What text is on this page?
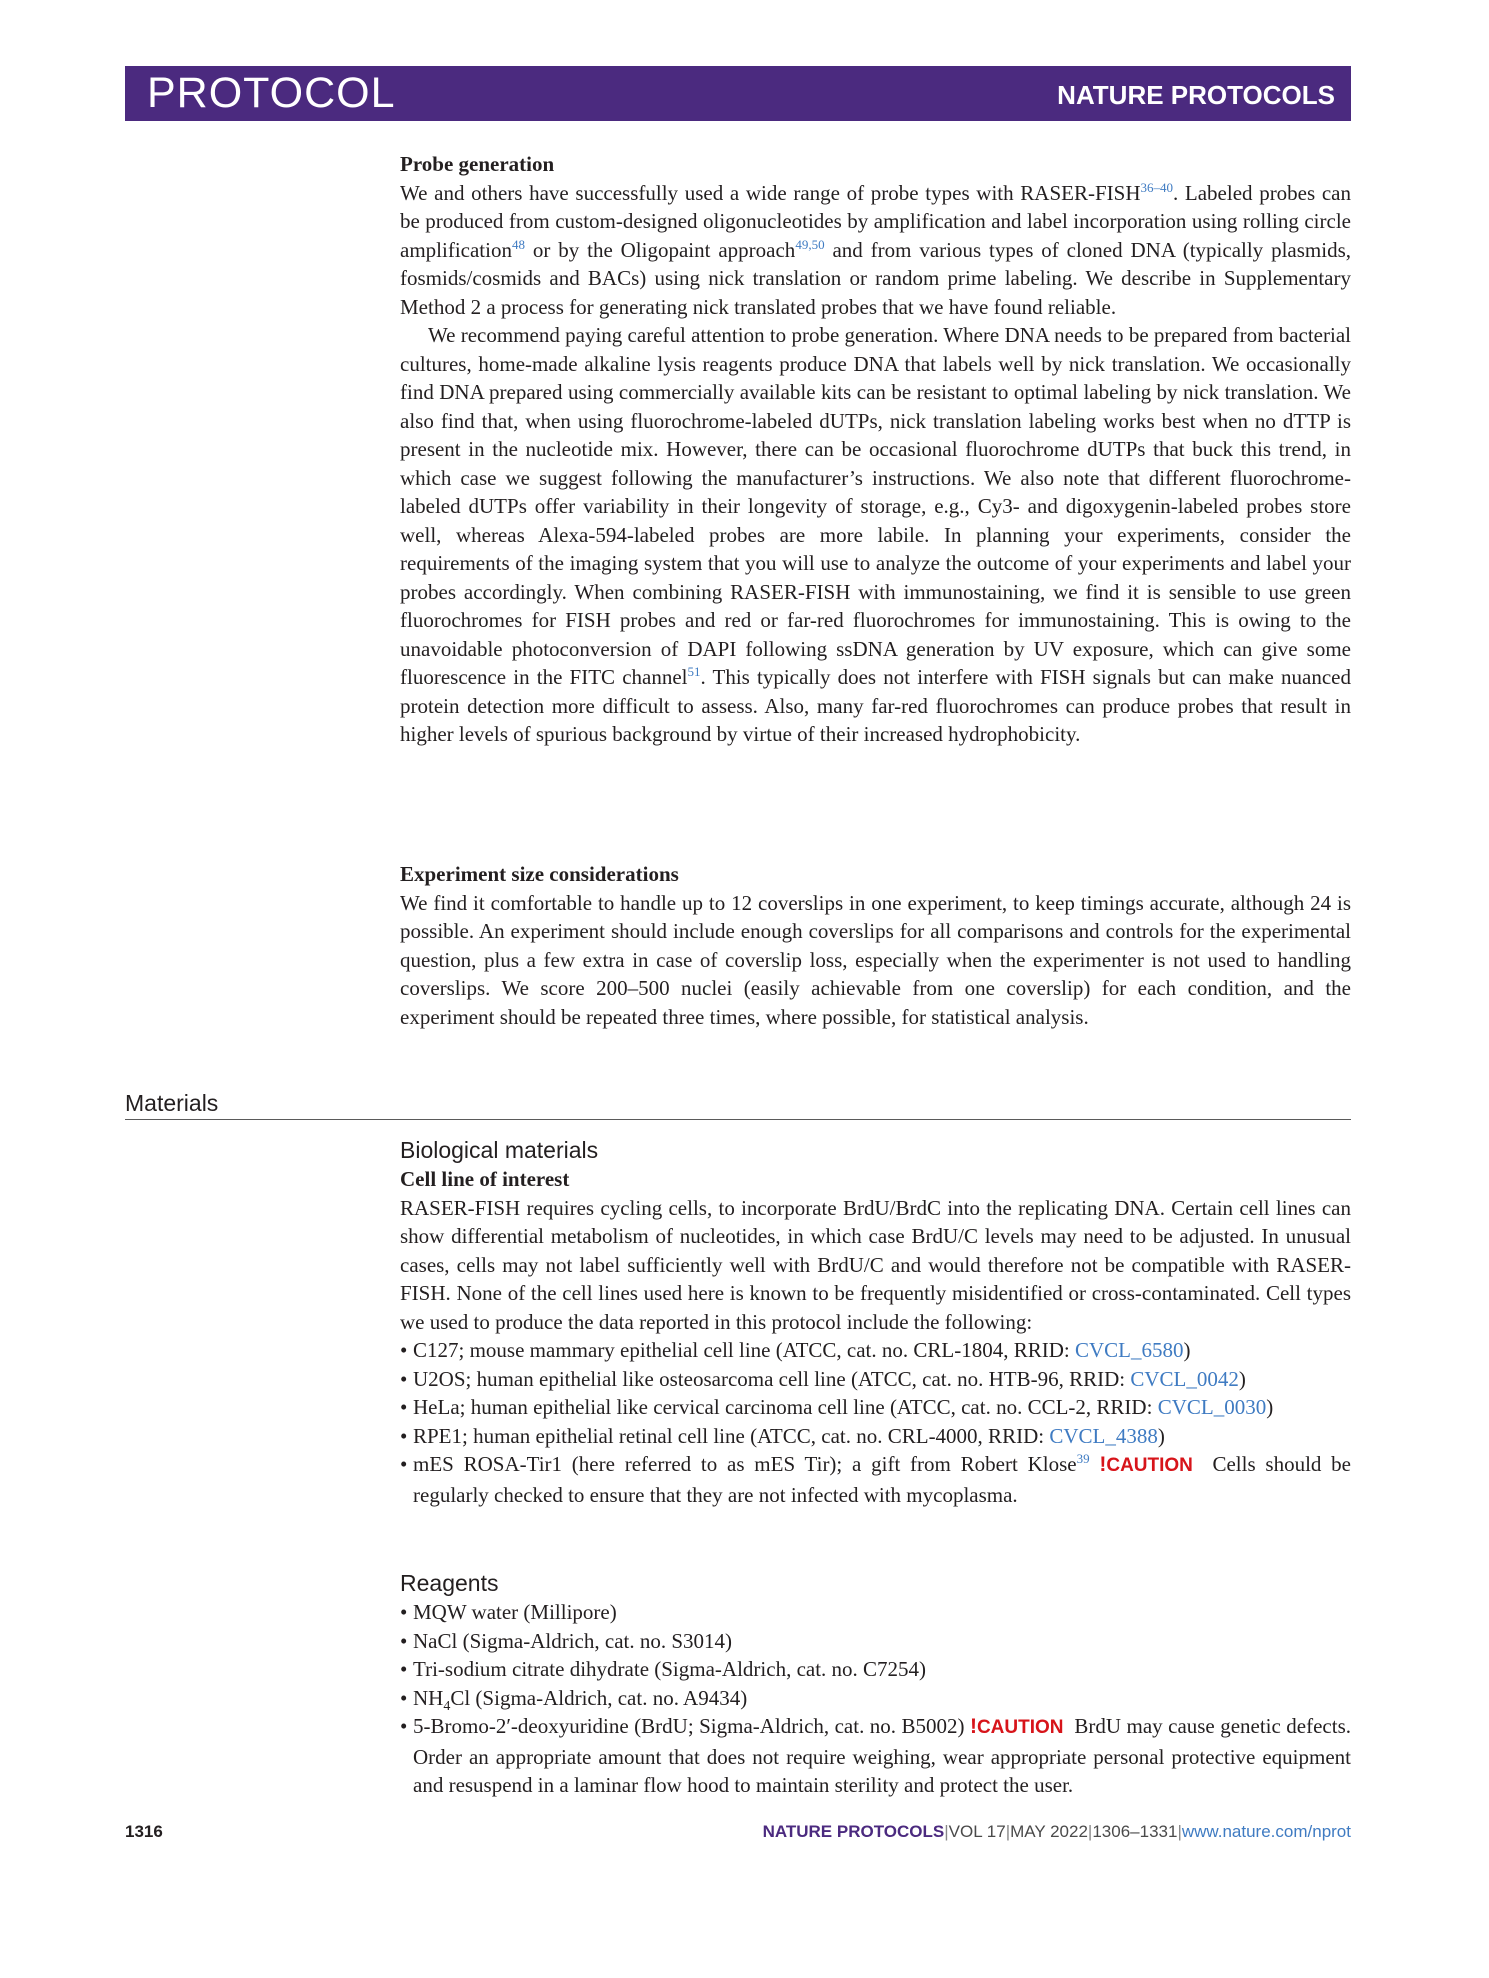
PROTOCOL	NATURE PROTOCOLS
Probe generation

We and others have successfully used a wide range of probe types with RASER-FISH$^{36-40}$. Labeled probes can be produced from custom-designed oligonucleotides by amplification and label incorporation using rolling circle amplification$^{48}$ or by the Oligopaint approach$^{49,50}$ and from various types of cloned DNA (typically plasmids, fosmids/cosmids and BACs) using nick translation or random prime labeling. We describe in Supplementary Method 2 a process for generating nick translated probes that we have found reliable.

We recommend paying careful attention to probe generation. Where DNA needs to be prepared from bacterial cultures, home-made alkaline lysis reagents produce DNA that labels well by nick translation. We occasionally find DNA prepared using commercially available kits can be resistant to optimal labeling by nick translation. We also find that, when using fluorochrome-labeled dUTPs, nick translation labeling works best when no dTTP is present in the nucleotide mix. However, there can be occasional fluorochrome dUTPs that buck this trend, in which case we suggest following the manufacturer’s instructions. We also note that different fluorochrome-labeled dUTPs offer variability in their longevity of storage, e.g., Cy3- and digoxygenin-labeled probes store well, whereas Alexa-594-labeled probes are more labile. In planning your experiments, consider the requirements of the imaging system that you will use to analyze the outcome of your experiments and label your probes accordingly. When combining RASER-FISH with immunostaining, we find it is sensible to use green fluorochromes for FISH probes and red or far-red fluorochromes for immunostaining. This is owing to the unavoidable photoconversion of DAPI following ssDNA generation by UV exposure, which can give some fluorescence in the FITC channel$^{51}$. This typically does not interfere with FISH signals but can make nuanced protein detection more difficult to assess. Also, many far-red fluorochromes can produce probes that result in higher levels of spurious background by virtue of their increased hydrophobicity.

Experiment size considerations

We find it comfortable to handle up to 12 coverslips in one experiment, to keep timings accurate, although 24 is possible. An experiment should include enough coverslips for all comparisons and controls for the experimental question, plus a few extra in case of coverslip loss, especially when the experimenter is not used to handling coverslips. We score 200–500 nuclei (easily achievable from one coverslip) for each condition, and the experiment should be repeated three times, where possible, for statistical analysis.

Materials
Biological materials
Cell line of interest

RASER-FISH requires cycling cells, to incorporate BrdU/BrdC into the replicating DNA. Certain cell lines can show differential metabolism of nucleotides, in which case BrdU/C levels may need to be adjusted. In unusual cases, cells may not label sufficiently well with BrdU/C and would therefore not be compatible with RASER-FISH. None of the cell lines used here is known to be frequently misidentified or cross-contaminated. Cell types we used to produce the data reported in this protocol include the following:

• C127; mouse mammary epithelial cell line (ATCC, cat. no. CRL-1804, RRID: CVCL_6580)
• U2OS; human epithelial like osteosarcoma cell line (ATCC, cat. no. HTB-96, RRID: CVCL_0042)
• HeLa; human epithelial like cervical carcinoma cell line (ATCC, cat. no. CCL-2, RRID: CVCL_0030)
• RPE1; human epithelial retinal cell line (ATCC, cat. no. CRL-4000, RRID: CVCL_4388)
• mES ROSA-Tir1 (here referred to as mES Tir); a gift from Robert Klose$^{39}$ !CAUTION Cells should be regularly checked to ensure that they are not infected with mycoplasma.
Reagents
• MQW water (Millipore)
• NaCl (Sigma-Aldrich, cat. no. S3014)
• Tri-sodium citrate dihydrate (Sigma-Aldrich, cat. no. C7254)
• $NH_4Cl$ (Sigma-Aldrich, cat. no. A9434)
• 5-Bromo-2′-deoxyuridine (BrdU; Sigma-Aldrich, cat. no. B5002) !CAUTION BrdU may cause genetic defects. Order an appropriate amount that does not require weighing, wear appropriate personal protective equipment and resuspend in a laminar flow hood to maintain sterility and protect the user.
1316	NATURE PROTOCOLS|VOL 17|MAY 2022|1306–1331|www.nature.com/nprot
